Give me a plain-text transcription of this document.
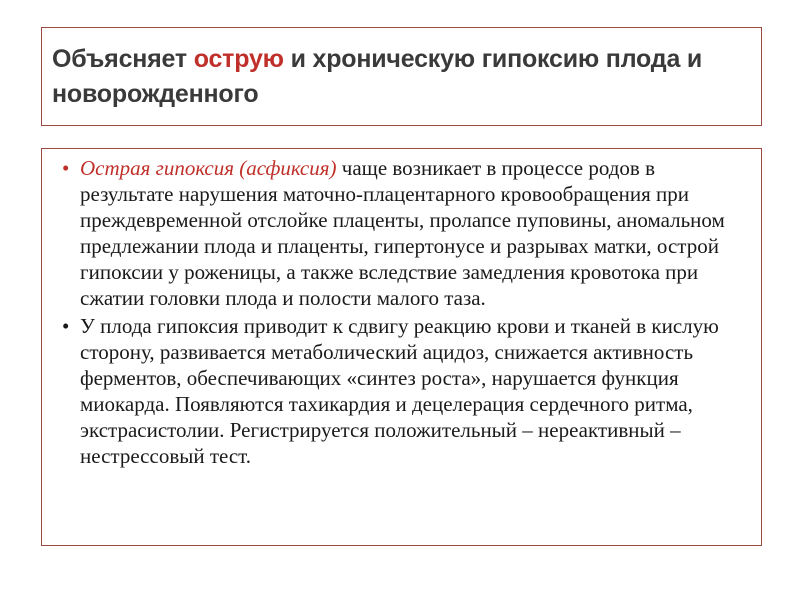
Объясняет острую и хроническую гипоксию плода и новорожденного
• Острая гипоксия (асфиксия) чаще возникает в процессе родов в результате нарушения маточно-плацентарного кровообращения при преждевременной отслойке плаценты, пролапсе пуповины, аномальном предлежании плода и плаценты, гипертонусе и разрывах матки, острой гипоксии у роженицы, а также вследствие замедления кровотока при сжатии головки плода и полости малого таза.
• У плода гипоксия приводит к сдвигу реакцию крови и тканей в кислую сторону, развивается метаболический ацидоз, снижается активность ферментов, обеспечивающих «синтез роста», нарушается функция миокарда. Появляются тахикардия и децелерация сердечного ритма, экстрасистолии. Регистрируется положительный – нереактивный – нестрессовый тест.
